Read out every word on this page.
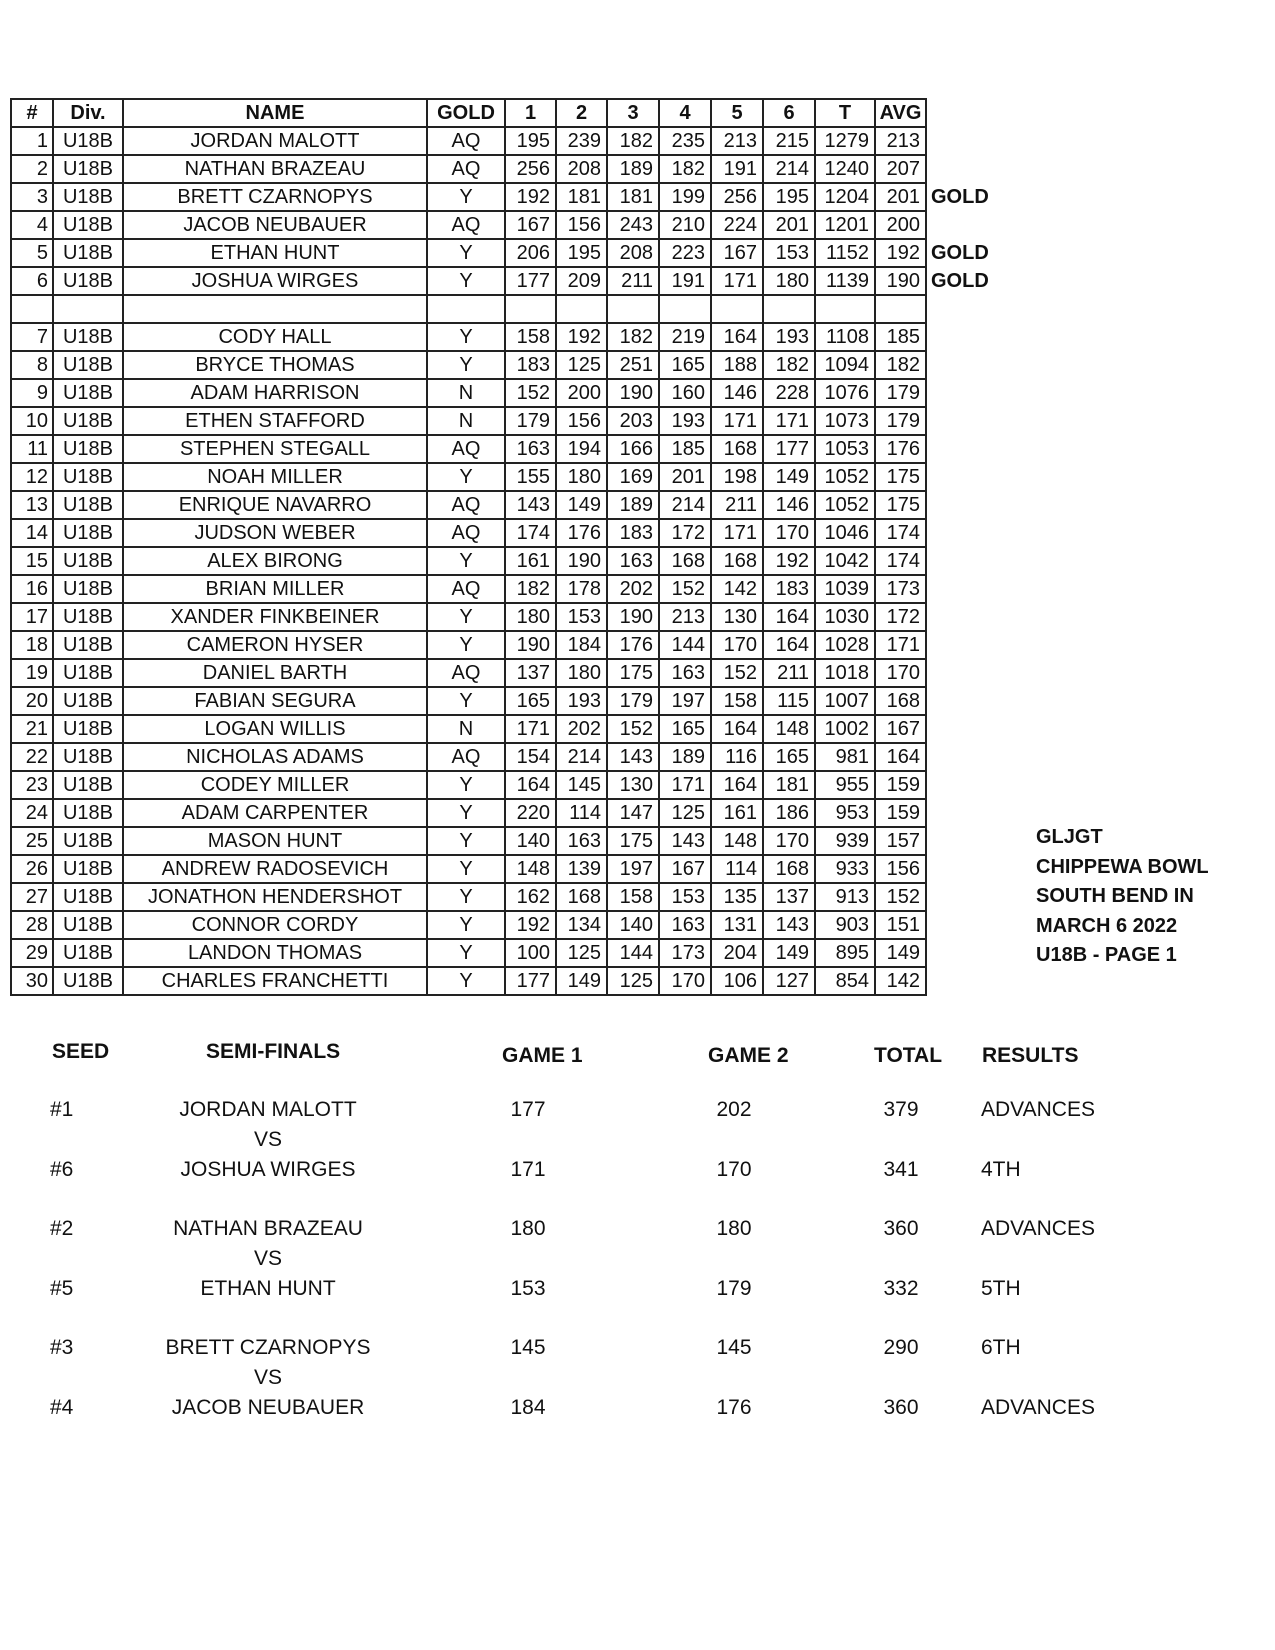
#	Div.	NAME	GOLD	1	2	3	4	5	6	T	AVG	
1	U18B	JORDAN MALOTT	AQ	195	239	182	235	213	215	1279	213	
2	U18B	NATHAN BRAZEAU	AQ	256	208	189	182	191	214	1240	207	
3	U18B	BRETT CZARNOPYS	Y	192	181	181	199	256	195	1204	201	GOLD
4	U18B	JACOB NEUBAUER	AQ	167	156	243	210	224	201	1201	200	
5	U18B	ETHAN HUNT	Y	206	195	208	223	167	153	1152	192	GOLD
6	U18B	JOSHUA WIRGES	Y	177	209	211	191	171	180	1139	190	GOLD

7	U18B	CODY HALL	Y	158	192	182	219	164	193	1108	185	
8	U18B	BRYCE THOMAS	Y	183	125	251	165	188	182	1094	182	
9	U18B	ADAM HARRISON	N	152	200	190	160	146	228	1076	179	
10	U18B	ETHEN STAFFORD	N	179	156	203	193	171	171	1073	179	
11	U18B	STEPHEN STEGALL	AQ	163	194	166	185	168	177	1053	176	
12	U18B	NOAH MILLER	Y	155	180	169	201	198	149	1052	175	
13	U18B	ENRIQUE NAVARRO	AQ	143	149	189	214	211	146	1052	175	
14	U18B	JUDSON WEBER	AQ	174	176	183	172	171	170	1046	174	
15	U18B	ALEX BIRONG	Y	161	190	163	168	168	192	1042	174	
16	U18B	BRIAN MILLER	AQ	182	178	202	152	142	183	1039	173	
17	U18B	XANDER FINKBEINER	Y	180	153	190	213	130	164	1030	172	
18	U18B	CAMERON HYSER	Y	190	184	176	144	170	164	1028	171	
19	U18B	DANIEL BARTH	AQ	137	180	175	163	152	211	1018	170	
20	U18B	FABIAN SEGURA	Y	165	193	179	197	158	115	1007	168	
21	U18B	LOGAN WILLIS	N	171	202	152	165	164	148	1002	167	
22	U18B	NICHOLAS ADAMS	AQ	154	214	143	189	116	165	981	164	
23	U18B	CODEY MILLER	Y	164	145	130	171	164	181	955	159	
24	U18B	ADAM CARPENTER	Y	220	114	147	125	161	186	953	159	
25	U18B	MASON HUNT	Y	140	163	175	143	148	170	939	157	
26	U18B	ANDREW RADOSEVICH	Y	148	139	197	167	114	168	933	156	
27	U18B	JONATHON HENDERSHOT	Y	162	168	158	153	135	137	913	152	
28	U18B	CONNOR CORDY	Y	192	134	140	163	131	143	903	151	
29	U18B	LANDON THOMAS	Y	100	125	144	173	204	149	895	149	
30	U18B	CHARLES FRANCHETTI	Y	177	149	125	170	106	127	854	142	
GLJGT
CHIPPEWA BOWL
SOUTH BEND IN
MARCH 6 2022
U18B - PAGE 1
SEED	SEMI-FINALS	GAME 1	GAME 2	TOTAL RESULTS
#1	JORDAN MALOTT	177	202	379	ADVANCES
#6	JOSHUA WIRGES	171	170	341	4TH
VS
#2	NATHAN BRAZEAU	180	180	360	ADVANCES
#5	ETHAN HUNT	153	179	332	5TH
VS
#3	BRETT CZARNOPYS	145	145	290	6TH
#4	JACOB NEUBAUER	184	176	360	ADVANCES
VS
